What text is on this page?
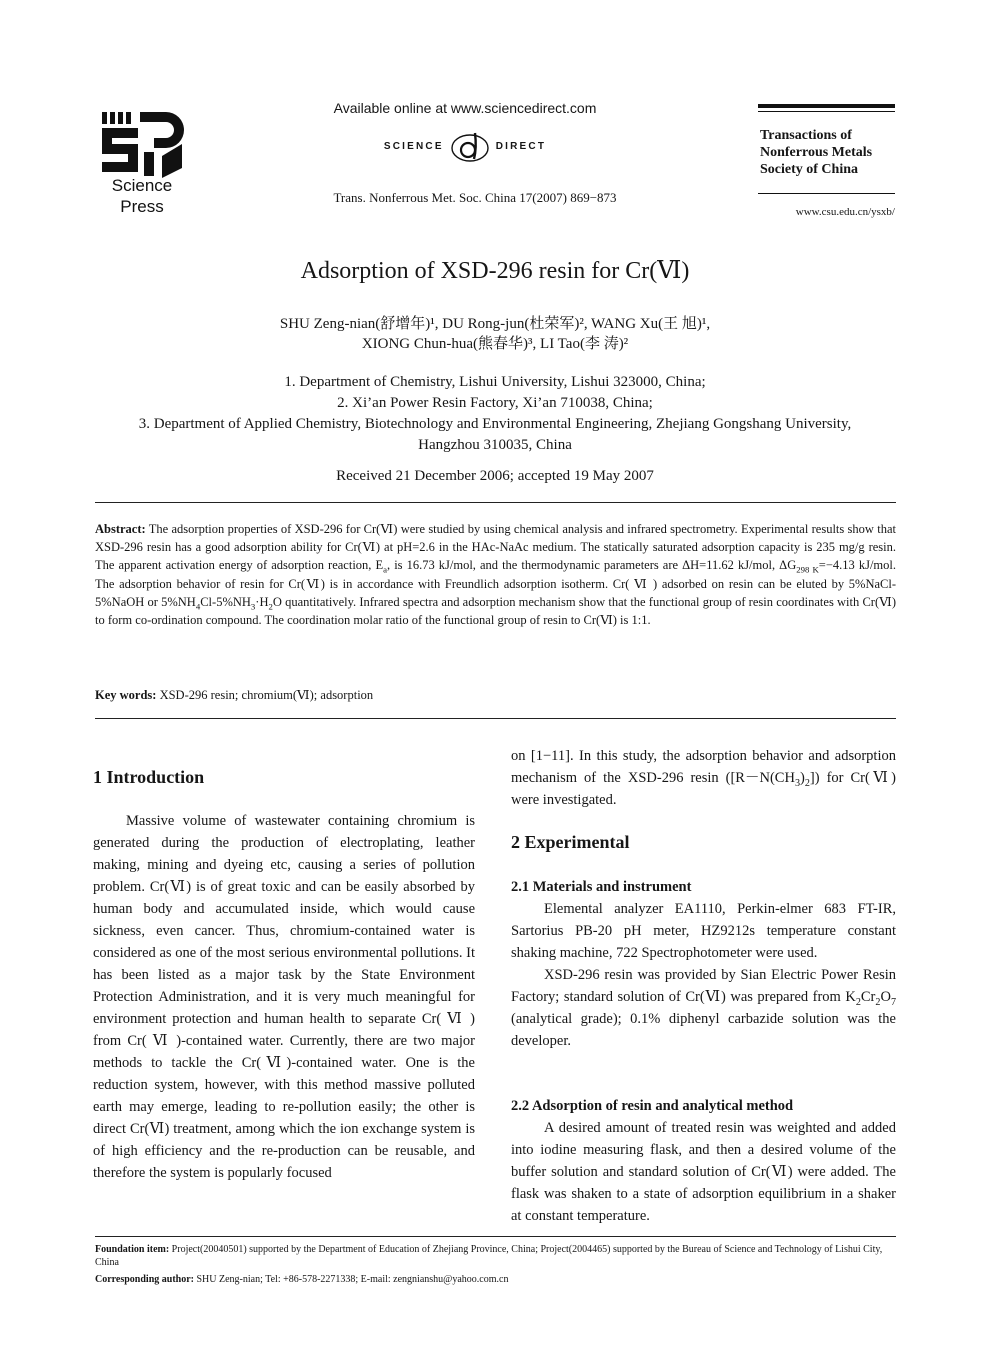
Science
Press
Available online at www.sciencedirect.com
SCIENCE	DIRECT
Trans. Nonferrous Met. Soc. China 17(2007) 869−873
Transactions of
Nonferrous Metals
Society of China
www.csu.edu.cn/ysxb/
Adsorption of XSD-296 resin for Cr(Ⅵ)
SHU Zeng-nian(舒增年)¹, DU Rong-jun(杜荣军)², WANG Xu(王 旭)¹,
XIONG Chun-hua(熊春华)³, LI Tao(李 涛)²
1. Department of Chemistry, Lishui University, Lishui 323000, China;
2. Xi’an Power Resin Factory, Xi’an 710038, China;
3. Department of Applied Chemistry, Biotechnology and Environmental Engineering, Zhejiang Gongshang University,
Hangzhou 310035, China
Received 21 December 2006; accepted 19 May 2007
Abstract: The adsorption properties of XSD-296 for Cr(Ⅵ) were studied by using chemical analysis and infrared spectrometry. Experimental results show that XSD-296 resin has a good adsorption ability for Cr(Ⅵ) at pH=2.6 in the HAc-NaAc medium. The statically saturated adsorption capacity is 235 mg/g resin. The apparent activation energy of adsorption reaction, $E_a$, is 16.73 kJ/mol, and the thermodynamic parameters are ΔH=11.62 kJ/mol, $\Delta G_{298 K}=-4.13$ kJ/mol. The adsorption behavior of resin for Cr(Ⅵ) is in accordance with Freundlich adsorption isotherm. Cr( Ⅵ ) adsorbed on resin can be eluted by 5%NaCl-5%NaOH or $5\%NH_4Cl-5\%NH_3\cdot H_2O$ quantitatively. Infrared spectra and adsorption mechanism show that the functional group of resin coordinates with Cr(Ⅵ) to form co-ordination compound. The coordination molar ratio of the functional group of resin to Cr(Ⅵ) is 1:1.
Key words: XSD-296 resin; chromium(Ⅵ); adsorption
1 Introduction
Massive volume of wastewater containing chromium is generated during the production of electroplating, leather making, mining and dyeing etc, causing a series of pollution problem. Cr(Ⅵ) is of great toxic and can be easily absorbed by human body and accumulated inside, which would cause sickness, even cancer. Thus, chromium-contained water is considered as one of the most serious environmental pollutions. It has been listed as a major task by the State Environment Protection Administration, and it is very much meaningful for environment protection and human health to separate Cr( Ⅵ ) from Cr( Ⅵ )-contained water. Currently, there are two major methods to tackle the Cr(Ⅵ)-contained water. One is the reduction system, however, with this method massive polluted earth may emerge, leading to re-pollution easily; the other is direct Cr(Ⅵ) treatment, among which the ion exchange system is of high efficiency and the re-production can be reusable, and therefore the system is popularly focused
on [1−11]. In this study, the adsorption behavior and adsorption mechanism of the XSD-296 resin $([R-N(CH_3)_2])$ for Cr(Ⅵ) were investigated.
2 Experimental
2.1 Materials and instrument
Elemental analyzer EA1110, Perkin-elmer 683 FT-IR, Sartorius PB-20 pH meter, HZ9212s temperature constant shaking machine, 722 Spectrophotometer were used.
XSD-296 resin was provided by Sian Electric Power Resin Factory; standard solution of Cr(Ⅵ) was prepared from $K_2Cr_2O_7$ (analytical grade); 0.1% diphenyl carbazide solution was the developer.
2.2 Adsorption of resin and analytical method
A desired amount of treated resin was weighted and added into iodine measuring flask, and then a desired volume of the buffer solution and standard solution of Cr(Ⅵ) were added. The flask was shaken to a state of adsorption equilibrium in a shaker at constant temperature.
Foundation item: Project(20040501) supported by the Department of Education of Zhejiang Province, China; Project(2004465) supported by the Bureau of Science and Technology of Lishui City, China
Corresponding author: SHU Zeng-nian; Tel: +86-578-2271338; E-mail: zengnianshu@yahoo.com.cn
